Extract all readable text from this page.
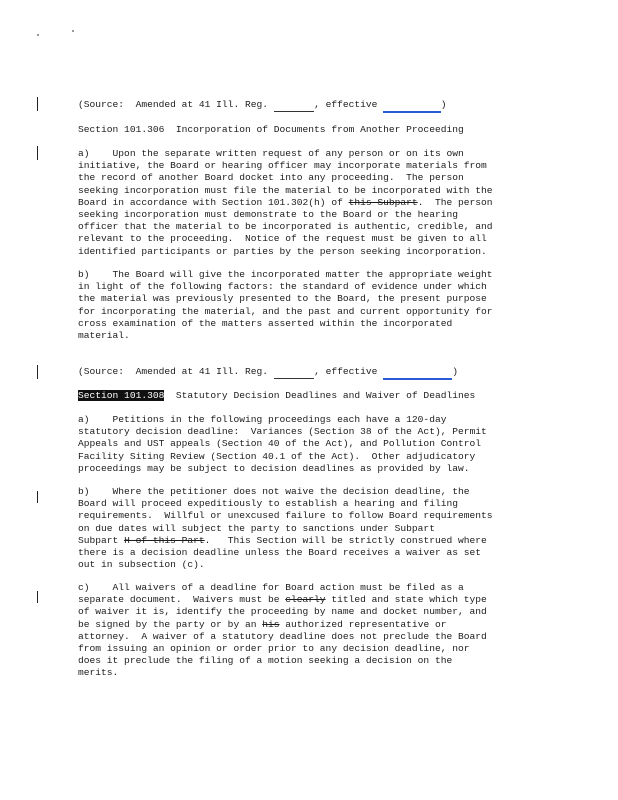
(Source:  Amended at 41 Ill. Reg.	, effective	)
Section 101.306  Incorporation of Documents from Another Proceeding
a)    Upon the separate written request of any person or on its own
initiative, the Board or hearing officer may incorporate materials from
the record of another Board docket into any proceeding.  The person
seeking incorporation must file the material to be incorporated with the
Board in accordance with Section 101.302(h) of this Subpart.  The person
seeking incorporation must demonstrate to the Board or the hearing
officer that the material to be incorporated is authentic, credible, and
relevant to the proceeding.  Notice of the request must be given to all
identified participants or parties by the person seeking incorporation.
b)    The Board will give the incorporated matter the appropriate weight
in light of the following factors: the standard of evidence under which
the material was previously presented to the Board, the present purpose
for incorporating the material, and the past and current opportunity for
cross examination of the matters asserted within the incorporated
material.
(Source:  Amended at 41 Ill. Reg.	, effective	)
Section 101.308  Statutory Decision Deadlines and Waiver of Deadlines
a)    Petitions in the following proceedings each have a 120-day
statutory decision deadline:  Variances (Section 38 of the Act), Permit
Appeals and UST appeals (Section 40 of the Act), and Pollution Control
Facility Siting Review (Section 40.1 of the Act).  Other adjudicatory
proceedings may be subject to decision deadlines as provided by law.
b)    Where the petitioner does not waive the decision deadline, the
Board will proceed expeditiously to establish a hearing and filing
requirements.  Willful or unexcused failure to follow Board requirements
on due dates will subject the party to sanctions under Subpart
Subpart H of this Part.   This Section will be strictly construed where
there is a decision deadline unless the Board receives a waiver as set
out in subsection (c).
c)    All waivers of a deadline for Board action must be filed as a
separate document.  Waivers must be clearly titled and state which type
of waiver it is, identify the proceeding by name and docket number, and
be signed by the party or by an his authorized representative or
attorney.  A waiver of a statutory deadline does not preclude the Board
from issuing an opinion or order prior to any decision deadline, nor
does it preclude the filing of a motion seeking a decision on the
merits.
